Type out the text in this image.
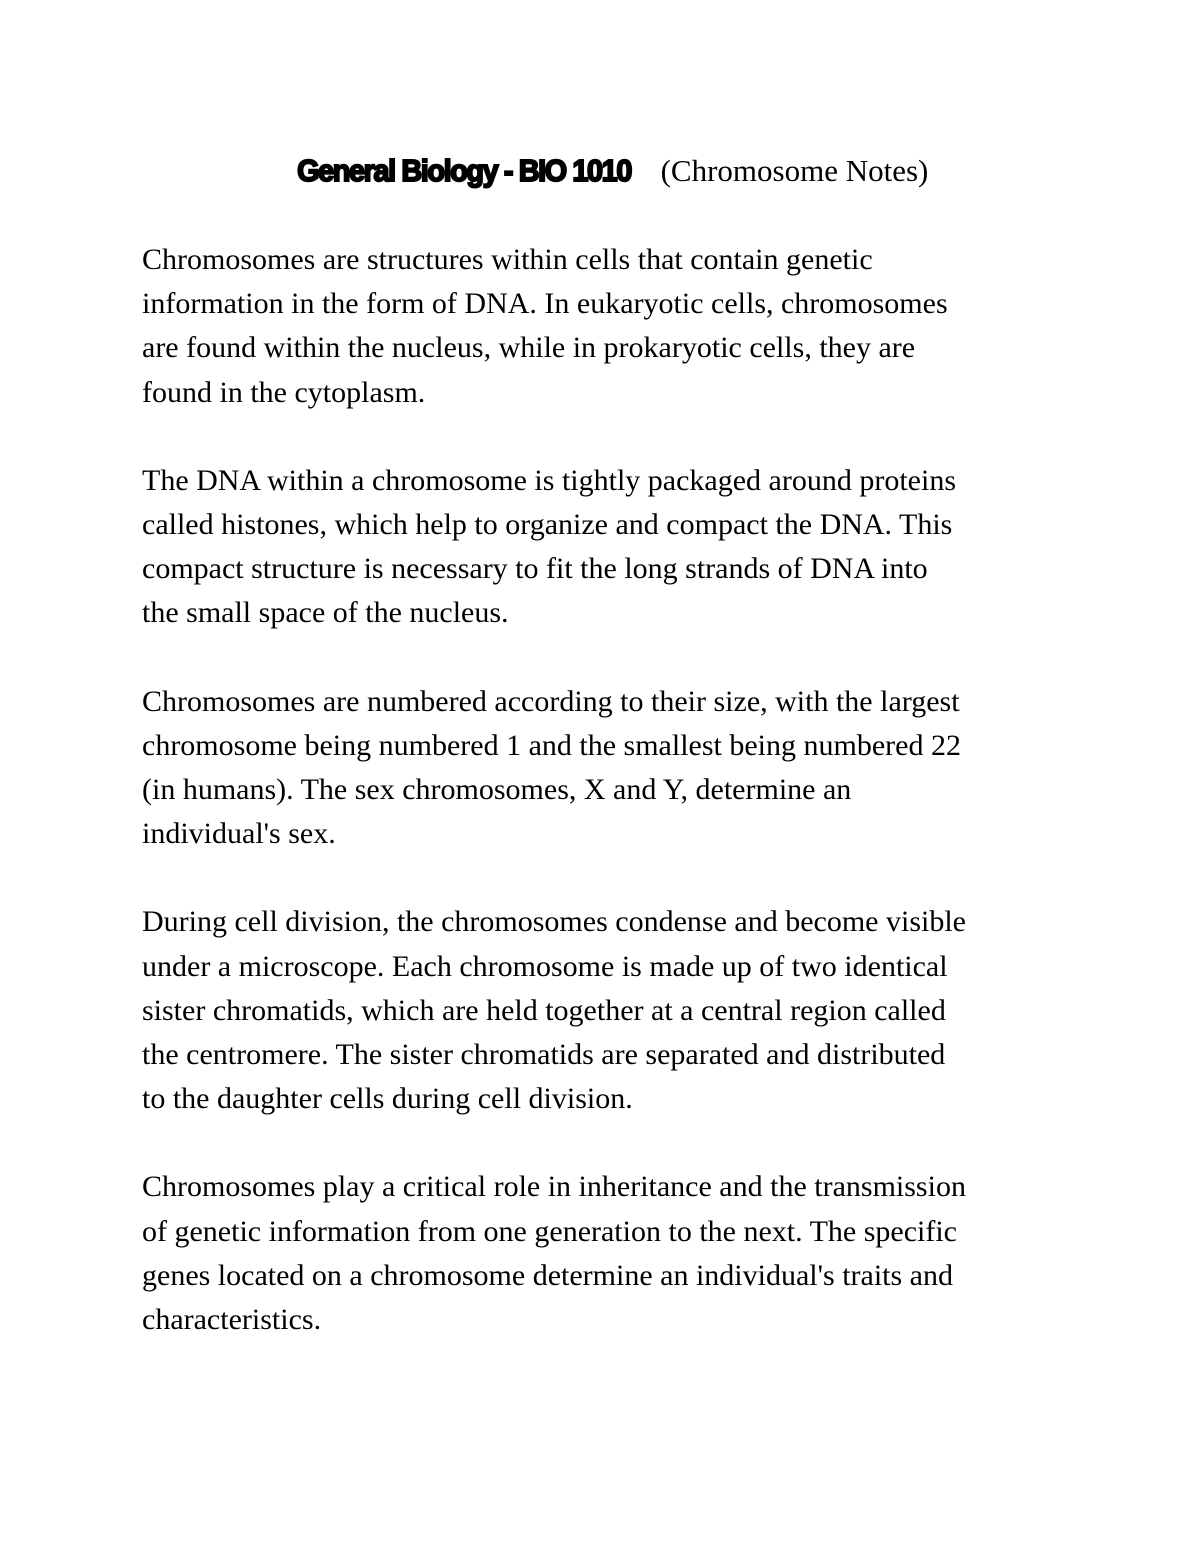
General Biology - BIO 1010 (Chromosome Notes)

Chromosomes are structures within cells that contain genetic
information in the form of DNA. In eukaryotic cells, chromosomes
are found within the nucleus, while in prokaryotic cells, they are
found in the cytoplasm.

The DNA within a chromosome is tightly packaged around proteins
called histones, which help to organize and compact the DNA. This
compact structure is necessary to fit the long strands of DNA into
the small space of the nucleus.

Chromosomes are numbered according to their size, with the largest
chromosome being numbered 1 and the smallest being numbered 22
(in humans). The sex chromosomes, X and Y, determine an
individual's sex.

During cell division, the chromosomes condense and become visible
under a microscope. Each chromosome is made up of two identical
sister chromatids, which are held together at a central region called
the centromere. The sister chromatids are separated and distributed
to the daughter cells during cell division.

Chromosomes play a critical role in inheritance and the transmission
of genetic information from one generation to the next. The specific
genes located on a chromosome determine an individual's traits and
characteristics.
